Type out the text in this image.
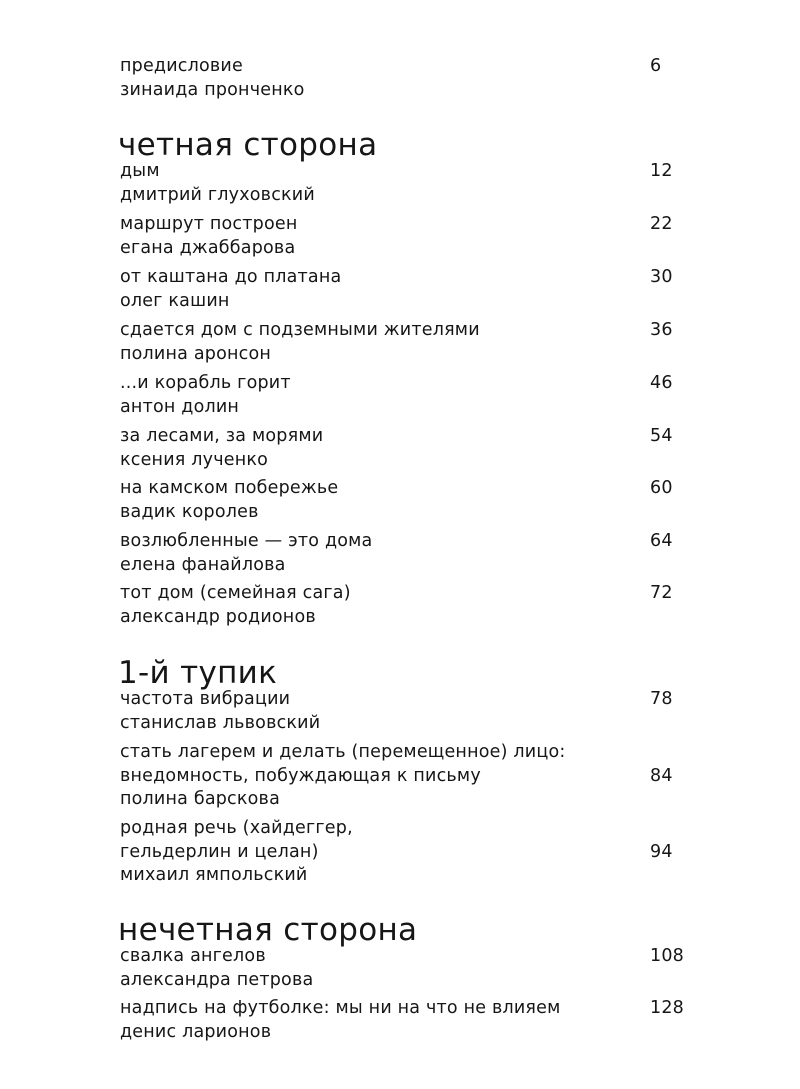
предисловие
зинаида пронченко
6
четная сторона
дым
дмитрий глуховский
12
маршрут построен
егана джаббарова
22
от каштана до платана
олег кашин
30
сдается дом с подземными жителями
полина аронсон
36
...и корабль горит
антон долин
46
за лесами, за морями
ксения лученко
54
на камском побережье
вадик королев
60
возлюбленные — это дома
елена фанайлова
64
тот дом (семейная сага)
александр родионов
72
1-й тупик
частота вибрации
станислав львовский
78
стать лагерем и делать (перемещенное) лицо:
внедомность, побуждающая к письму
полина барскова
84
родная речь (хайдеггер,
гельдерлин и целан)
михаил ямпольский
94
нечетная сторона
свалка ангелов
александра петрова
108
надпись на футболке: мы ни на что не влияем
денис ларионов
128
